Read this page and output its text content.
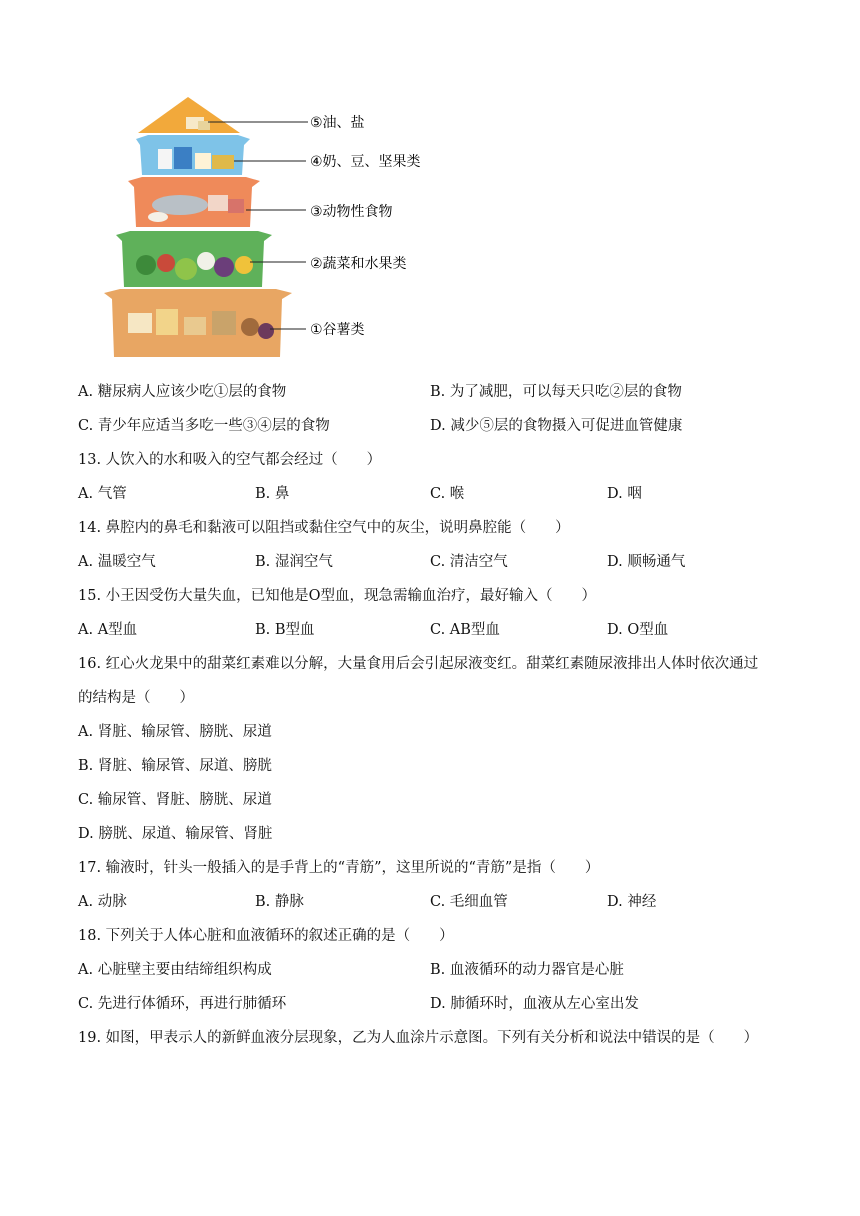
⑤油、盐
④奶、豆、坚果类
③动物性食物
②蔬菜和水果类
①谷薯类
A. 糖尿病人应该少吃①层的食物	B. 为了减肥，可以每天只吃②层的食物
C. 青少年应适当多吃一些③④层的食物	D. 减少⑤层的食物摄入可促进血管健康
13. 人饮入的水和吸入的空气都会经过（　　）
A. 气管	B. 鼻	C. 喉	D. 咽
14. 鼻腔内的鼻毛和黏液可以阻挡或黏住空气中的灰尘，说明鼻腔能（　　）
A. 温暖空气	B. 湿润空气	C. 清洁空气	D. 顺畅通气
15. 小王因受伤大量失血，已知他是O型血，现急需输血治疗，最好输入（　　）
A. A型血	B. B型血	C. AB型血	D. O型血
16. 红心火龙果中的甜菜红素难以分解，大量食用后会引起尿液变红。甜菜红素随尿液排出人体时依次通过
的结构是（　　）
A. 肾脏、输尿管、膀胱、尿道
B. 肾脏、输尿管、尿道、膀胱
C. 输尿管、肾脏、膀胱、尿道
D. 膀胱、尿道、输尿管、肾脏
17. 输液时，针头一般插入的是手背上的“青筋”，这里所说的“青筋”是指（　　）
A. 动脉	B. 静脉	C. 毛细血管	D. 神经
18. 下列关于人体心脏和血液循环的叙述正确的是（　　）
A. 心脏壁主要由结缔组织构成	B. 血液循环的动力器官是心脏
C. 先进行体循环，再进行肺循环	D. 肺循环时，血液从左心室出发
19. 如图，甲表示人的新鲜血液分层现象，乙为人血涂片示意图。下列有关分析和说法中错误的是（　　）
